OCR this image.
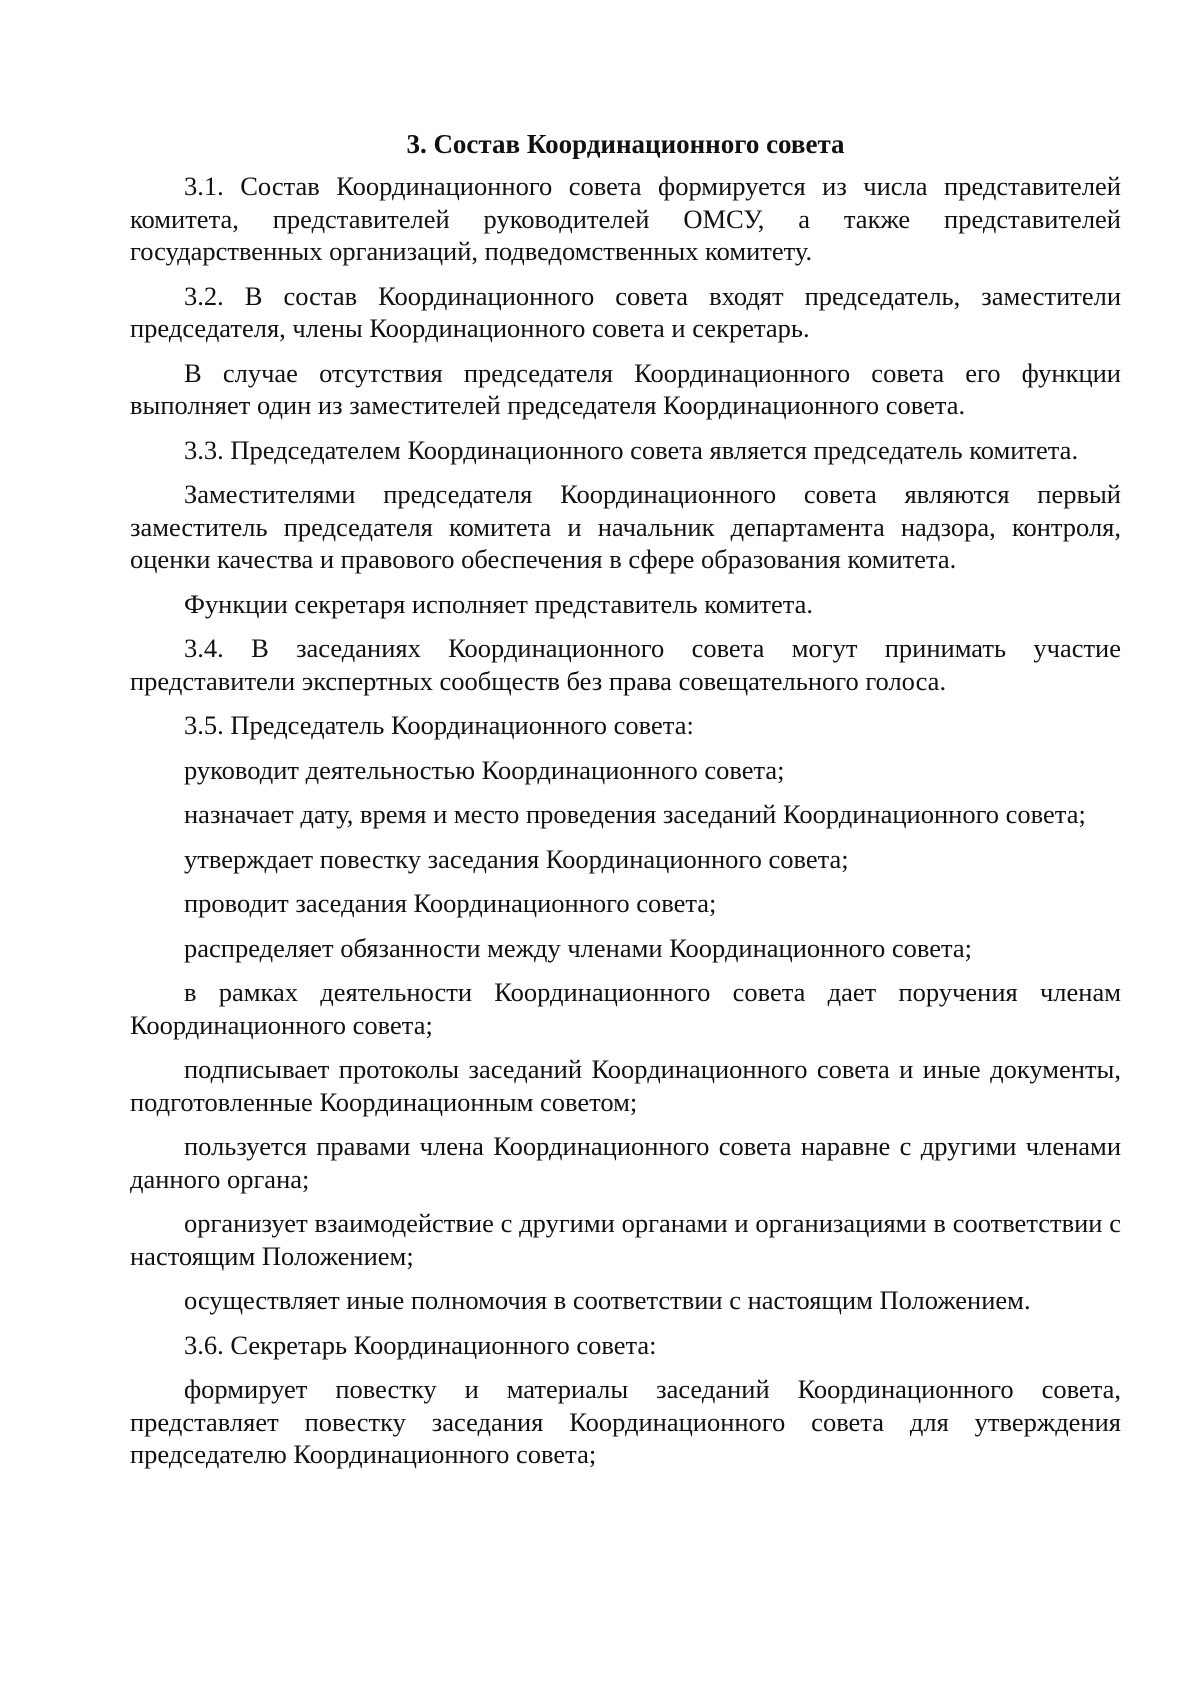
3. Состав Координационного совета

3.1. Состав Координационного совета формируется из числа представителей комитета, представителей руководителей ОМСУ, а также представителей государственных организаций, подведомственных комитету.

3.2. В состав Координационного совета входят председатель, заместители председателя, члены Координационного совета и секретарь.

В случае отсутствия председателя Координационного совета его функции выполняет один из заместителей председателя Координационного совета.

3.3. Председателем Координационного совета является председатель комитета.

Заместителями председателя Координационного совета являются первый заместитель председателя комитета и начальник департамента надзора, контроля, оценки качества и правового обеспечения в сфере образования комитета.

Функции секретаря исполняет представитель комитета.

3.4. В заседаниях Координационного совета могут принимать участие представители экспертных сообществ без права совещательного голоса.

3.5. Председатель Координационного совета:

руководит деятельностью Координационного совета;

назначает дату, время и место проведения заседаний Координационного совета;

утверждает повестку заседания Координационного совета;

проводит заседания Координационного совета;

распределяет обязанности между членами Координационного совета;

в рамках деятельности Координационного совета дает поручения членам Координационного совета;

подписывает протоколы заседаний Координационного совета и иные документы, подготовленные Координационным советом;

пользуется правами члена Координационного совета наравне с другими членами данного органа;

организует взаимодействие с другими органами и организациями в соответствии с настоящим Положением;

осуществляет иные полномочия в соответствии с настоящим Положением.

3.6. Секретарь Координационного совета:

формирует повестку и материалы заседаний Координационного совета, представляет повестку заседания Координационного совета для утверждения председателю Координационного совета;
